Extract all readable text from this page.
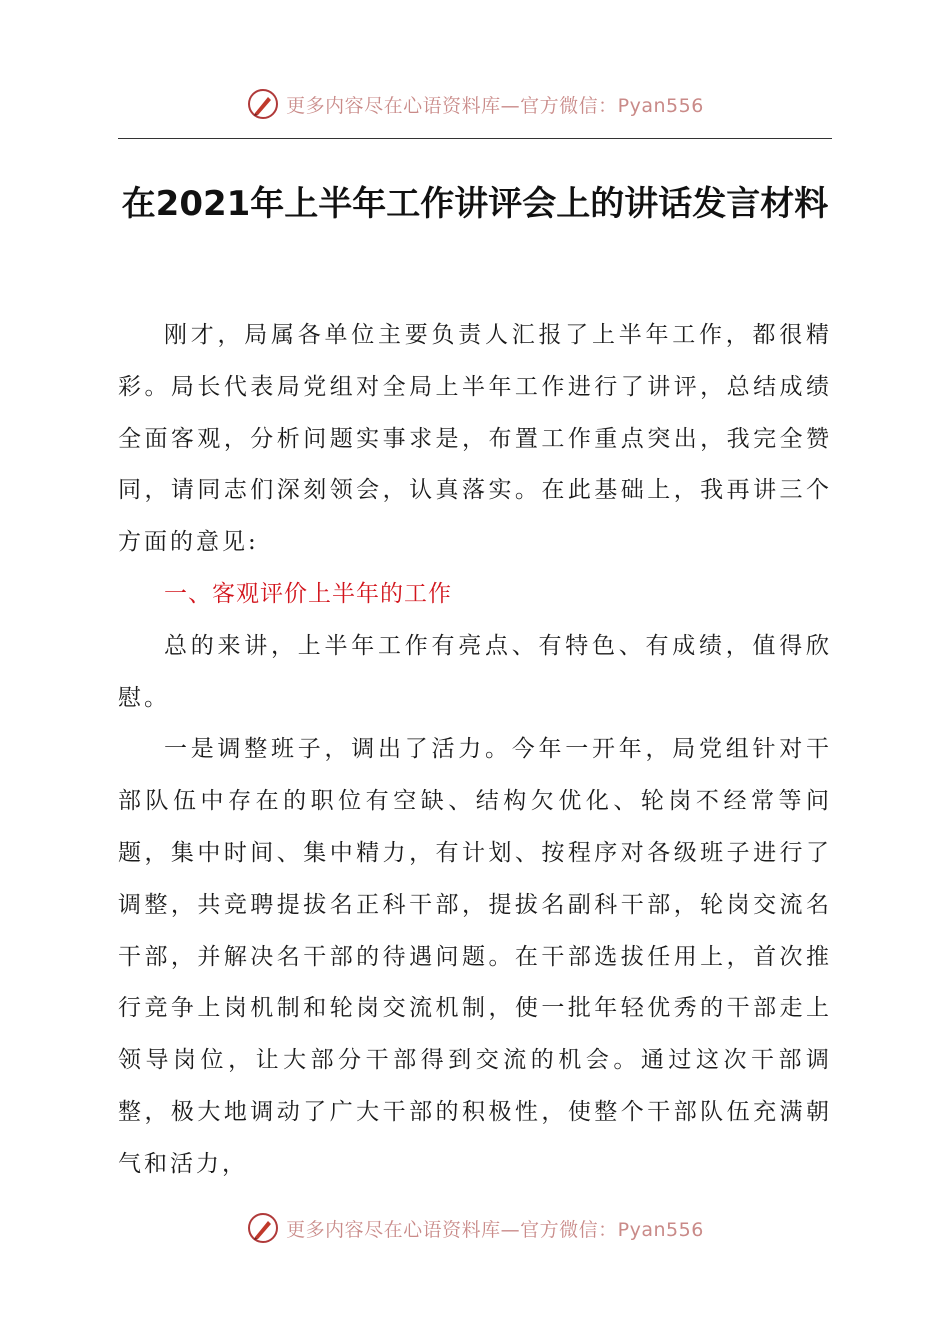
更多内容尽在心语资料库—官方微信：Pyan556
在2021年上半年工作讲评会上的讲话发言材料

刚才，局属各单位主要负责人汇报了上半年工作，都很精彩。局长代表局党组对全局上半年工作进行了讲评，总结成绩全面客观，分析问题实事求是，布置工作重点突出，我完全赞同，请同志们深刻领会，认真落实。在此基础上，我再讲三个方面的意见:

一、客观评价上半年的工作

总的来讲，上半年工作有亮点、有特色、有成绩，值得欣慰。

一是调整班子，调出了活力。今年一开年，局党组针对干部队伍中存在的职位有空缺、结构欠优化、轮岗不经常等问题，集中时间、集中精力，有计划、按程序对各级班子进行了调整，共竞聘提拔名正科干部，提拔名副科干部，轮岗交流名干部，并解决名干部的待遇问题。在干部选拔任用上，首次推行竞争上岗机制和轮岗交流机制，使一批年轻优秀的干部走上领导岗位，让大部分干部得到交流的机会。通过这次干部调整，极大地调动了广大干部的积极性，使整个干部队伍充满朝气和活力，

更多内容尽在心语资料库—官方微信：Pyan556
